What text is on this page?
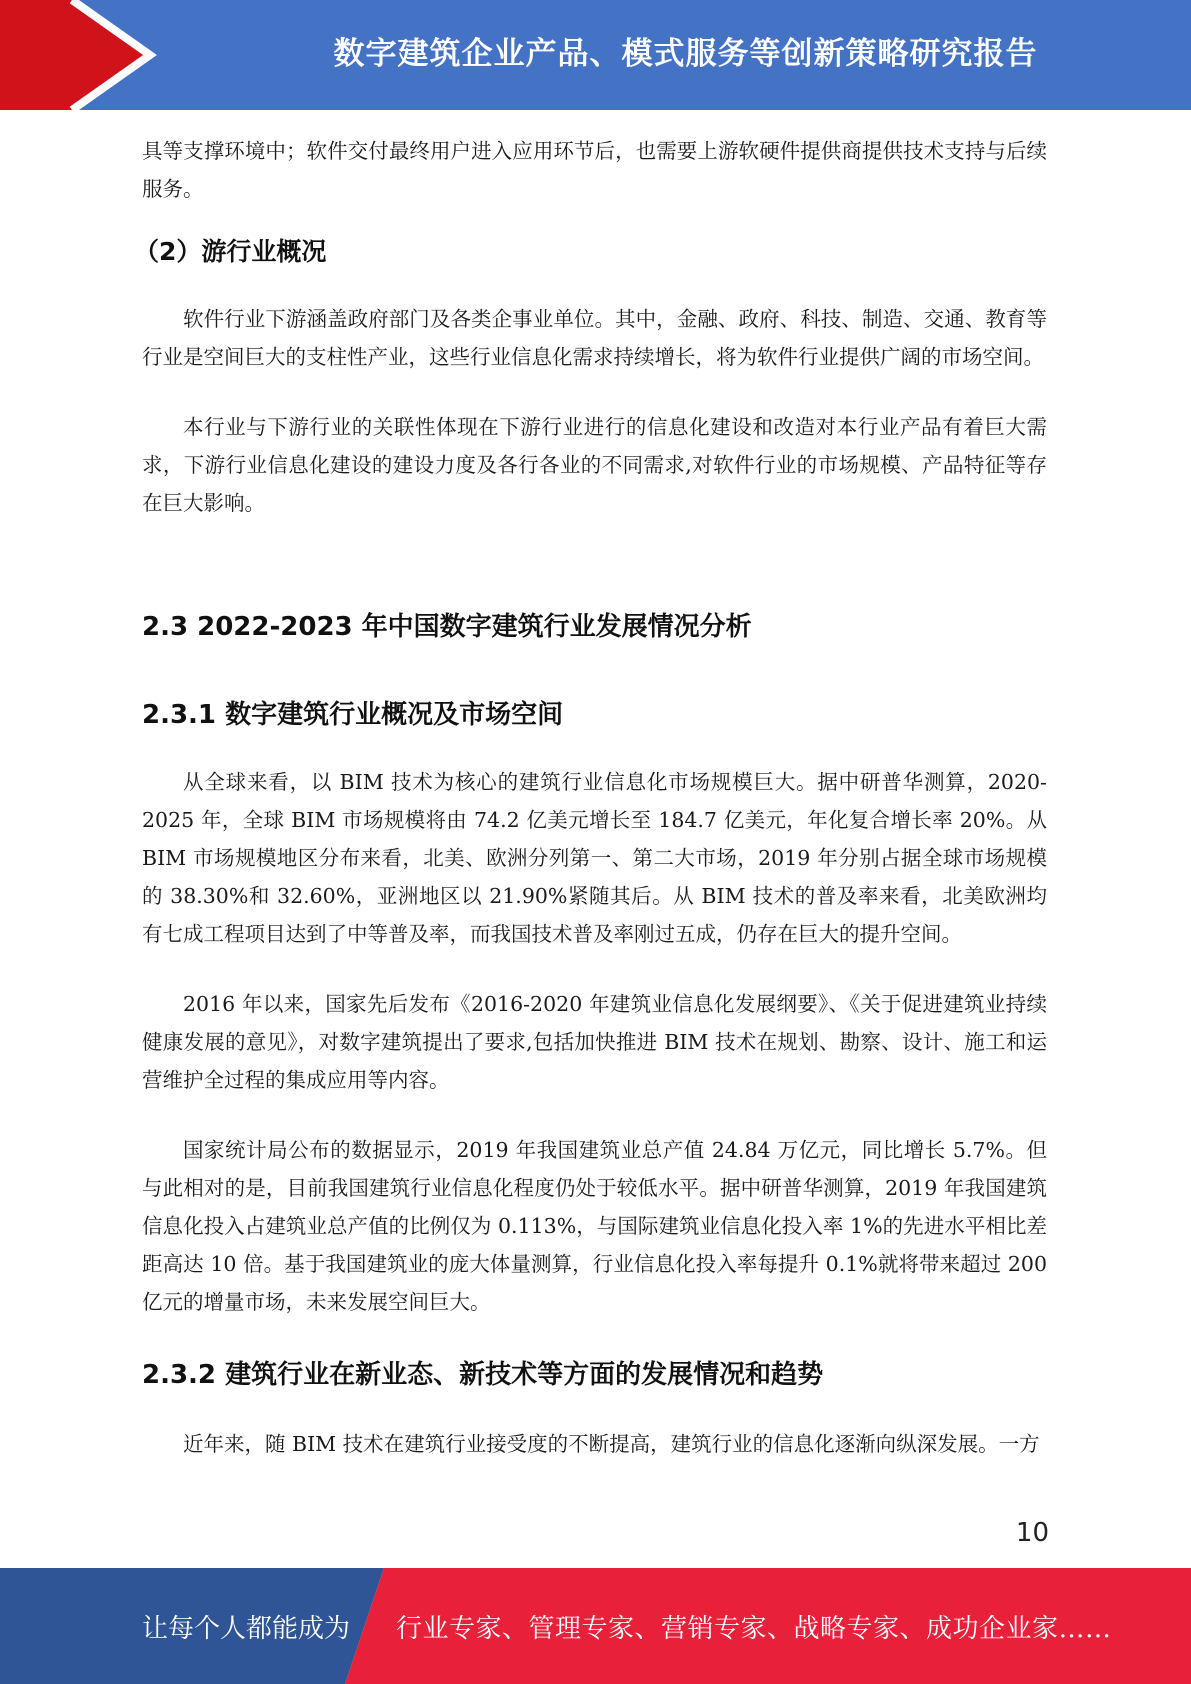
数字建筑企业产品、模式服务等创新策略研究报告

具等支撑环境中；软件交付最终用户进入应用环节后，也需要上游软硬件提供商提供技术支持与后续服务。

（2）游行业概况

软件行业下游涵盖政府部门及各类企事业单位。其中，金融、政府、科技、制造、交通、教育等行业是空间巨大的支柱性产业，这些行业信息化需求持续增长，将为软件行业提供广阔的市场空间。

本行业与下游行业的关联性体现在下游行业进行的信息化建设和改造对本行业产品有着巨大需求，下游行业信息化建设的建设力度及各行各业的不同需求,对软件行业的市场规模、产品特征等存在巨大影响。

2.3 2022-2023 年中国数字建筑行业发展情况分析
2.3.1 数字建筑行业概况及市场空间

从全球来看，以 BIM 技术为核心的建筑行业信息化市场规模巨大。据中研普华测算，2020-2025 年，全球 BIM 市场规模将由 74.2 亿美元增长至 184.7 亿美元，年化复合增长率 20%。从 BIM 市场规模地区分布来看，北美、欧洲分列第一、第二大市场，2019 年分别占据全球市场规模的 38.30%和 32.60%，亚洲地区以 21.90%紧随其后。从 BIM 技术的普及率来看，北美欧洲均有七成工程项目达到了中等普及率，而我国技术普及率刚过五成，仍存在巨大的提升空间。

2016 年以来，国家先后发布《2016-2020 年建筑业信息化发展纲要》、《关于促进建筑业持续健康发展的意见》，对数字建筑提出了要求,包括加快推进 BIM 技术在规划、勘察、设计、施工和运营维护全过程的集成应用等内容。

国家统计局公布的数据显示，2019 年我国建筑业总产值 24.84 万亿元，同比增长 5.7%。但与此相对的是，目前我国建筑行业信息化程度仍处于较低水平。据中研普华测算，2019 年我国建筑信息化投入占建筑业总产值的比例仅为 0.113%，与国际建筑业信息化投入率 1%的先进水平相比差距高达 10 倍。基于我国建筑业的庞大体量测算，行业信息化投入率每提升 0.1%就将带来超过 200 亿元的增量市场，未来发展空间巨大。

2.3.2 建筑行业在新业态、新技术等方面的发展情况和趋势

近年来，随 BIM 技术在建筑行业接受度的不断提高，建筑行业的信息化逐渐向纵深发展。一方

10
让每个人都能成为	行业专家、管理专家、营销专家、战略专家、成功企业家……
